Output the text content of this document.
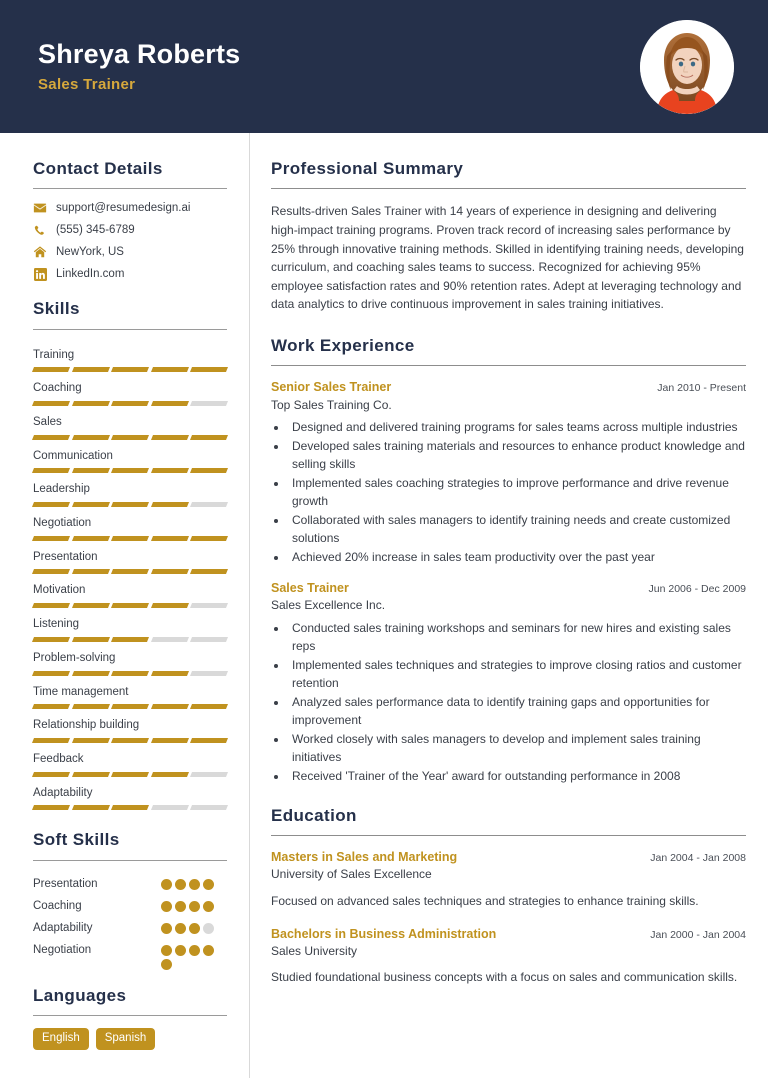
Shreya Roberts
Sales Trainer
Contact Details
support@resumedesign.ai
(555) 345-6789
NewYork, US
LinkedIn.com
Skills
Training
Coaching
Sales
Communication
Leadership
Negotiation
Presentation
Motivation
Listening
Problem-solving
Time management
Relationship building
Feedback
Adaptability
Soft Skills
Presentation
Coaching
Adaptability
Negotiation
Languages
English	Spanish
Professional Summary
Results-driven Sales Trainer with 14 years of experience in designing and delivering high-impact training programs. Proven track record of increasing sales performance by 25% through innovative training methods. Skilled in identifying training needs, developing curriculum, and coaching sales teams to success. Recognized for achieving 95% employee satisfaction rates and 90% retention rates. Adept at leveraging technology and data analytics to drive continuous improvement in sales training initiatives.
Work Experience
Senior Sales Trainer	Jan 2010 - Present
Top Sales Training Co.
• Designed and delivered training programs for sales teams across multiple industries
• Developed sales training materials and resources to enhance product knowledge and selling skills
• Implemented sales coaching strategies to improve performance and drive revenue growth
• Collaborated with sales managers to identify training needs and create customized solutions
• Achieved 20% increase in sales team productivity over the past year
Sales Trainer	Jun 2006 - Dec 2009
Sales Excellence Inc.
• Conducted sales training workshops and seminars for new hires and existing sales reps
• Implemented sales techniques and strategies to improve closing ratios and customer retention
• Analyzed sales performance data to identify training gaps and opportunities for improvement
• Worked closely with sales managers to develop and implement sales training initiatives
• Received 'Trainer of the Year' award for outstanding performance in 2008
Education
Masters in Sales and Marketing	Jan 2004 - Jan 2008
University of Sales Excellence
Focused on advanced sales techniques and strategies to enhance training skills.
Bachelors in Business Administration	Jan 2000 - Jan 2004
Sales University
Studied foundational business concepts with a focus on sales and communication skills.
